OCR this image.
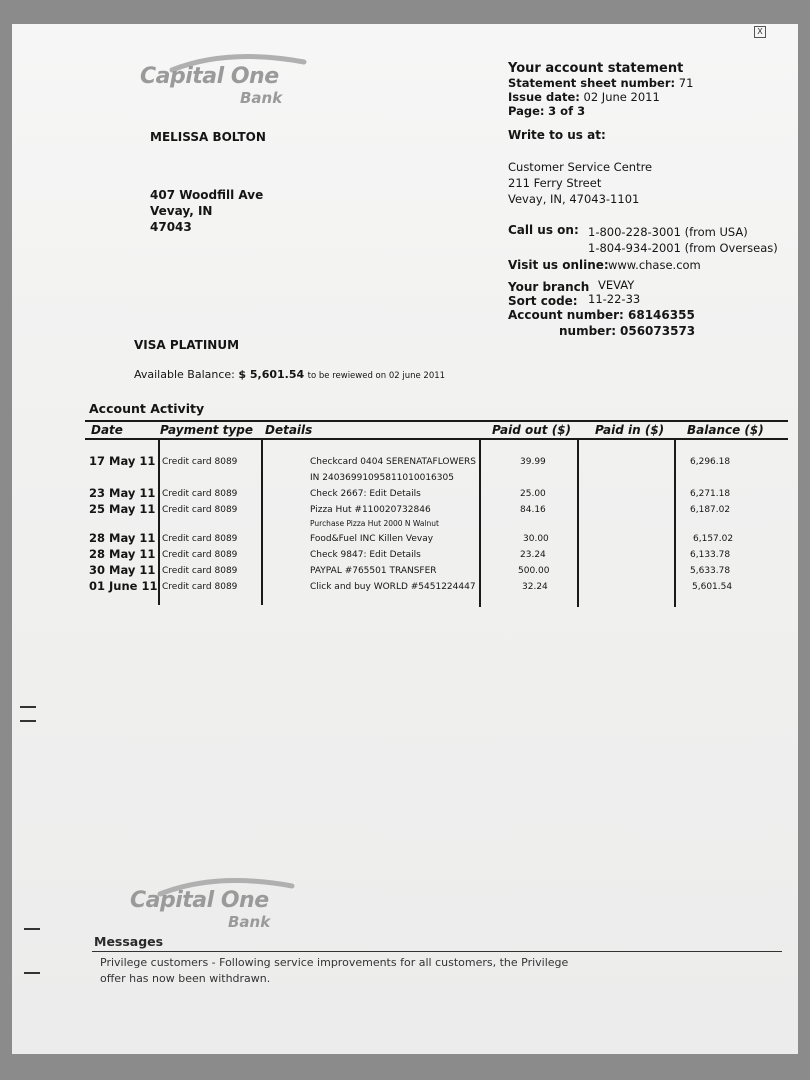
X
Capital One
Bank
MELISSA BOLTON
407 Woodfill Ave
Vevay, IN
47043
Your account statement
Statement sheet number: 71
Issue date: 02 June 2011
Page: 3 of 3
Write to us at:
Customer Service Centre
211 Ferry Street
Vevay, IN, 47043-1101
Call us on: 1-800-228-3001 (from USA)
1-804-934-2001 (from Overseas)
Visit us online: www.chase.com
Your branch VEVAY
Sort code: 11-22-33
Account number: 68146355
number: 056073573
VISA PLATINUM
Available Balance: $ 5,601.54 to be rewiewed on 02 june 2011
Account Activity
Date	Payment type Details	Paid out ($) Paid in ($) Balance ($)
17 May 11 Credit card 8089	Checkcard 0404 SERENATAFLOWERS
IN 24036991095811010016305
39.99	6,296.18
23 May 11 Credit card 8089	Check 2667: Edit Details	25.00	6,271.18
25 May 11 Credit card 8089	Pizza Hut #110020732846
Purchase Pizza Hut 2000 N Walnut
84.16	6,187.02
28 May 11 Credit card 8089	Food&Fuel INC Killen Vevay	30.00	6,157.02
28 May 11 Credit card 8089	Check 9847: Edit Details	23.24	6,133.78
30 May 11 Credit card 8089	PAYPAL #765501 TRANSFER	500.00	5,633.78
01 June 11 Credit card 8089	Click and buy WORLD #5451224447	32.24	5,601.54
Capital One
Bank
Messages
Privilege customers - Following service improvements for all customers, the Privilege
offer has now been withdrawn.
